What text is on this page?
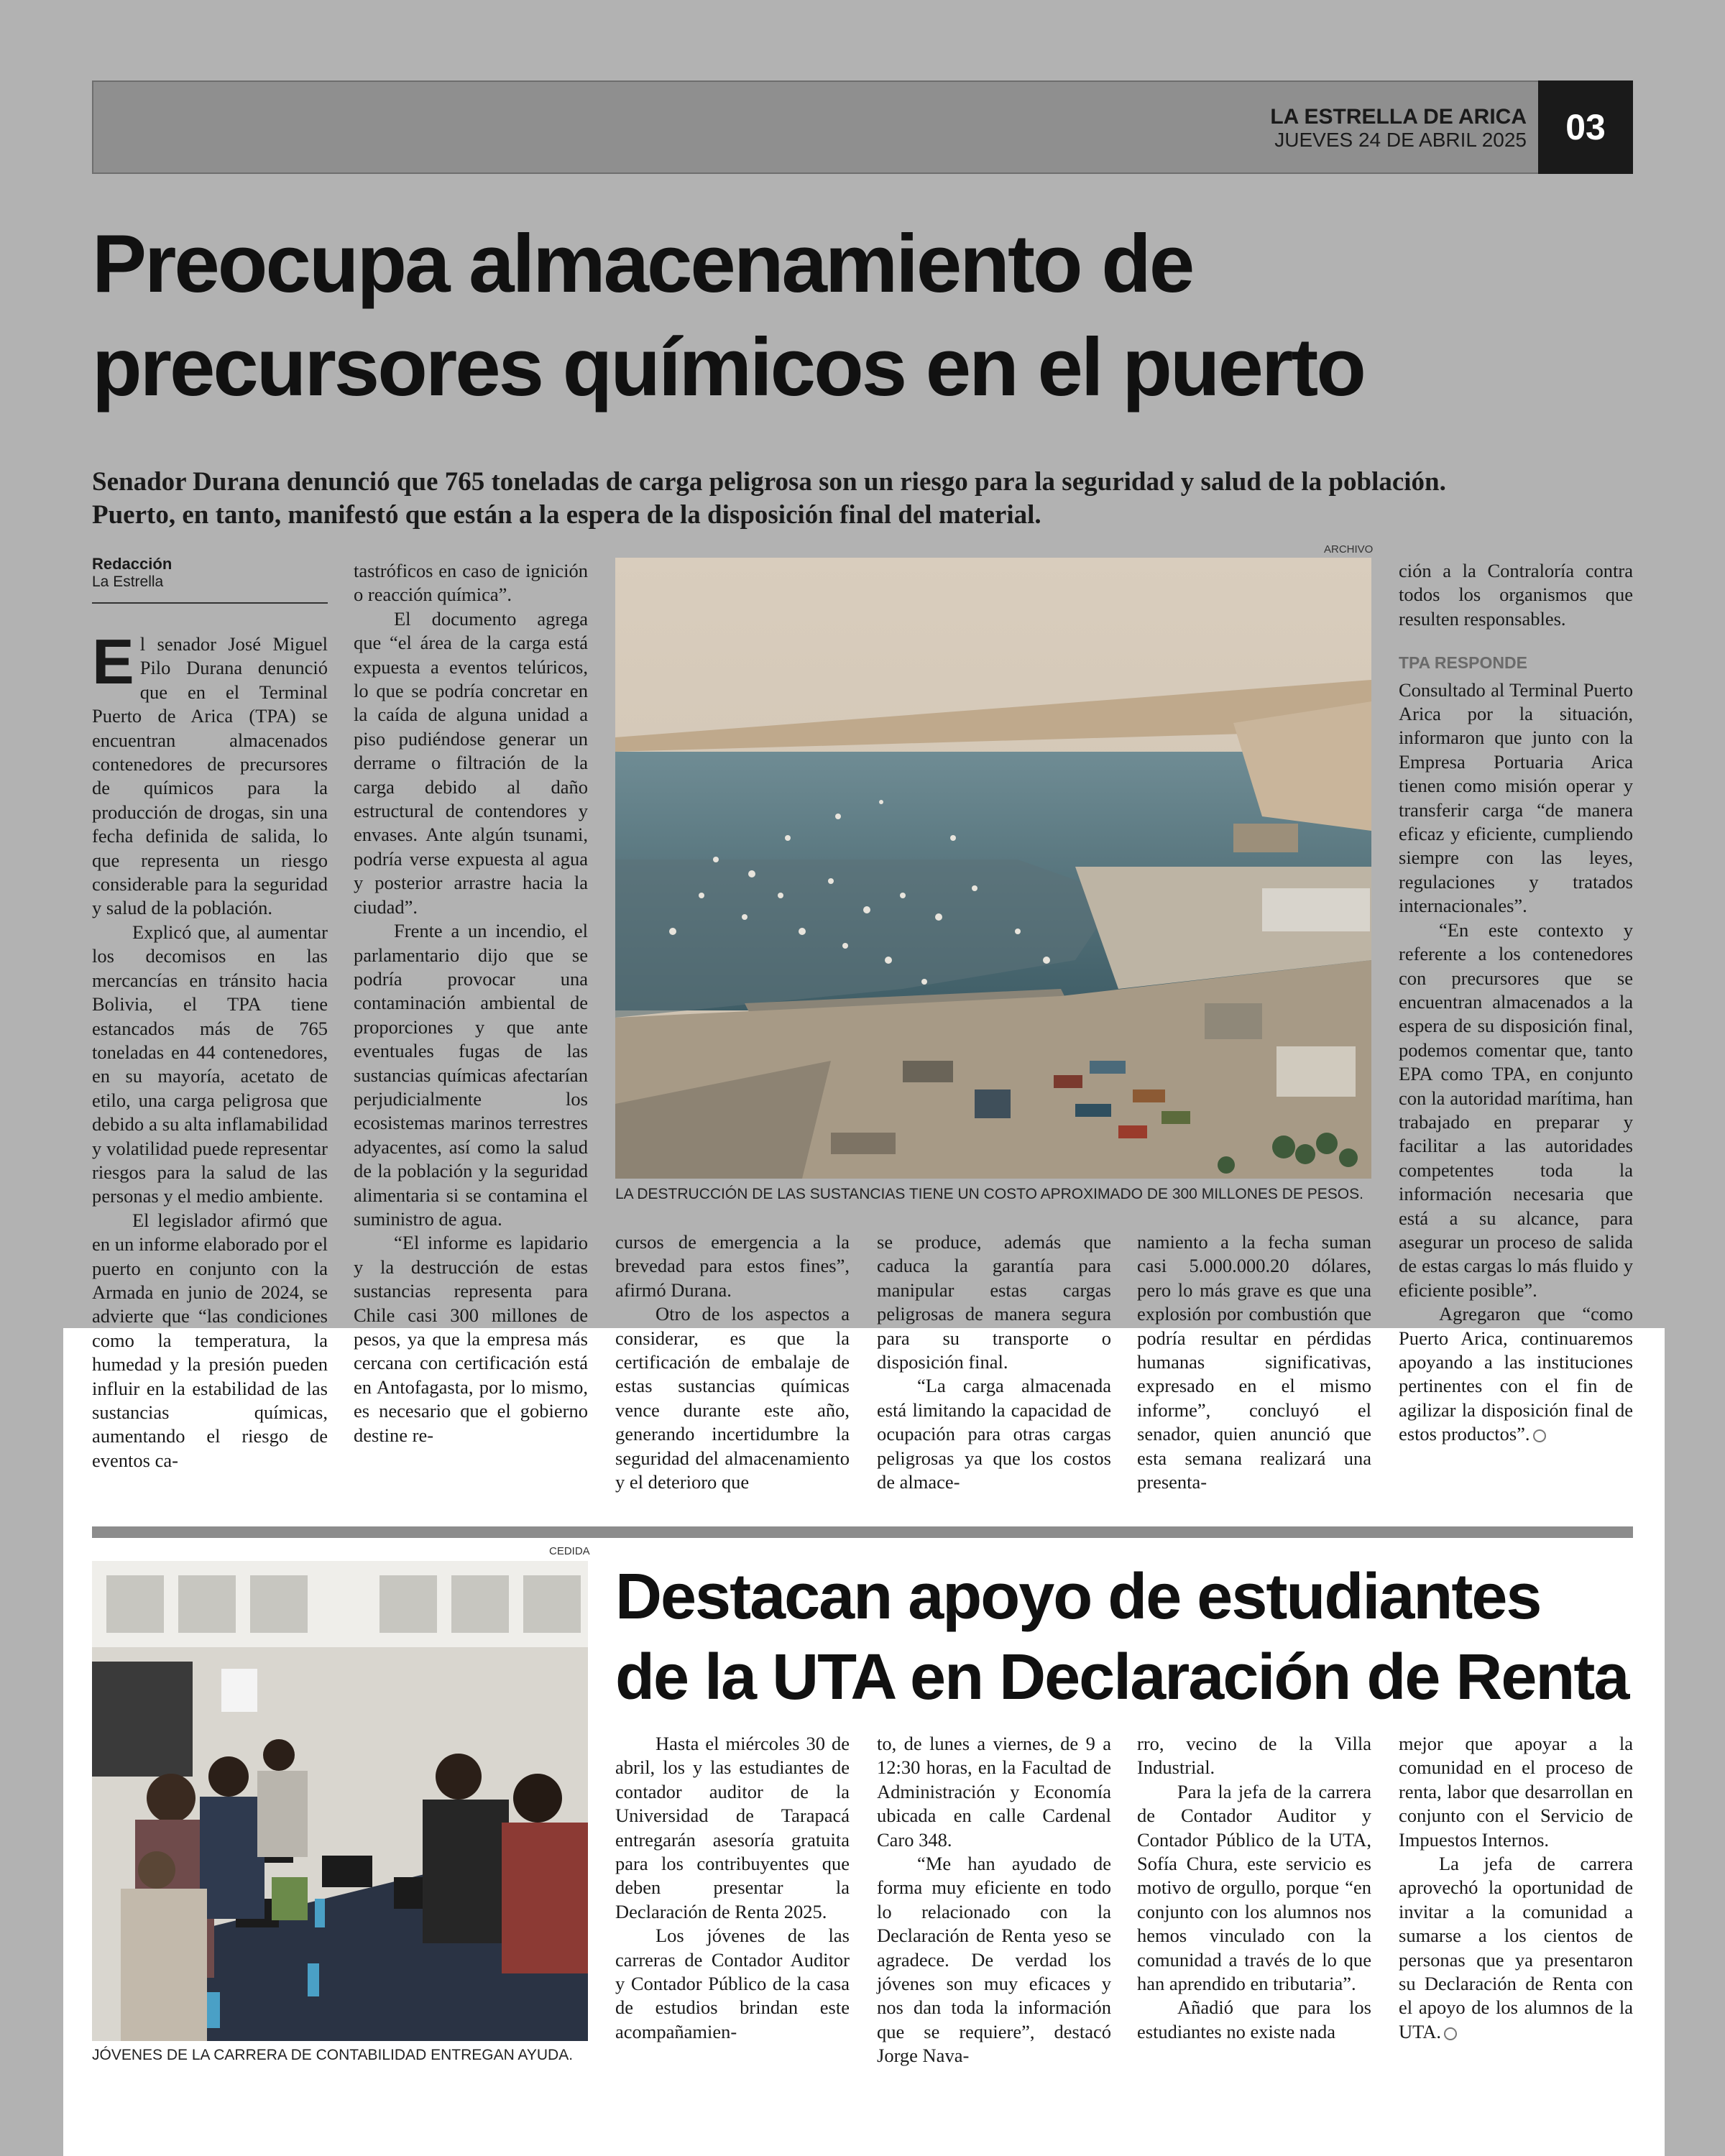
LA ESTRELLA DE ARICA
JUEVES 24 DE ABRIL 2025	03
Preocupa almacenamiento de
precursores químicos en el puerto
Senador Durana denunció que 765 toneladas de carga peligrosa son un riesgo para la seguridad y salud de la población.
Puerto, en tanto, manifestó que están a la espera de la disposición final del material.
Redacción
La Estrella

El senador José Miguel Pilo Durana denunció que en el Terminal Puerto de Arica (TPA) se encuentran almacenados contenedores de precursores de químicos para la producción de drogas, sin una fecha definida de salida, lo que representa un riesgo considerable para la seguridad y salud de la población.

Explicó que, al aumentar los decomisos en las mercancías en tránsito hacia Bolivia, el TPA tiene estancados más de 765 toneladas en 44 contenedores, en su mayoría, acetato de etilo, una carga peligrosa que debido a su alta inflamabilidad y volatilidad puede representar riesgos para la salud de las personas y el medio ambiente.

El legislador afirmó que en un informe elaborado por el puerto en conjunto con la Armada en junio de 2024, se advierte que “las condiciones como la temperatura, la humedad y la presión pueden influir en la estabilidad de las sustancias químicas, aumentando el riesgo de eventos ca-

tastróficos en caso de ignición o reacción química”.

El documento agrega que “el área de la carga está expuesta a eventos telúricos, lo que se podría concretar en la caída de alguna unidad a piso pudiéndose generar un derrame o filtración de la carga debido al daño estructural de contendores y envases. Ante algún tsunami, podría verse expuesta al agua y posterior arrastre hacia la ciudad”.

Frente a un incendio, el parlamentario dijo que se podría provocar una contaminación ambiental de proporciones y que ante eventuales fugas de las sustancias químicas afectarían perjudicialmente los ecosistemas marinos terrestres adyacentes, así como la salud de la población y la seguridad alimentaria si se contamina el suministro de agua.

“El informe es lapidario y la destrucción de estas sustancias representa para Chile casi 300 millones de pesos, ya que la empresa más cercana con certificación está en Antofagasta, por lo mismo, es necesario que el gobierno destine re-

ARCHIVO
LA DESTRUCCIÓN DE LAS SUSTANCIAS TIENE UN COSTO APROXIMADO DE 300 MILLONES DE PESOS.

cursos de emergencia a la brevedad para estos fines”, afirmó Durana.

Otro de los aspectos a considerar, es que la certificación de embalaje de estas sustancias químicas vence durante este año, generando incertidumbre la seguridad del almacenamiento y el deterioro que

se produce, además que caduca la garantía para manipular estas cargas peligrosas de manera segura para su transporte o disposición final.

“La carga almacenada está limitando la capacidad de ocupación para otras cargas peligrosas ya que los costos de almace-

namiento a la fecha suman casi 5.000.000.20 dólares, pero lo más grave es que una explosión por combustión que podría resultar en pérdidas humanas significativas, expresado en el mismo informe”, concluyó el senador, quien anunció que esta semana realizará una presenta-

ción a la Contraloría contra todos los organismos que resulten responsables.

TPA RESPONDE

Consultado al Terminal Puerto Arica por la situación, informaron que junto con la Empresa Portuaria Arica tienen como misión operar y transferir carga “de manera eficaz y eficiente, cumpliendo siempre con las leyes, regulaciones y tratados internacionales”.

“En este contexto y referente a los contenedores con precursores que se encuentran almacenados a la espera de su disposición final, podemos comentar que, tanto EPA como TPA, en conjunto con la autoridad marítima, han trabajado en preparar y facilitar a las autoridades competentes toda la información necesaria que está a su alcance, para asegurar un proceso de salida de estas cargas lo más fluido y eficiente posible”.

Agregaron que “como Puerto Arica, continuaremos apoyando a las instituciones pertinentes con el fin de agilizar la disposición final de estos productos”.

CEDIDA
JÓVENES DE LA CARRERA DE CONTABILIDAD ENTREGAN AYUDA.
Destacan apoyo de estudiantes
de la UTA en Declaración de Renta

Hasta el miércoles 30 de abril, los y las estudiantes de contador auditor de la Universidad de Tarapacá entregarán asesoría gratuita para los contribuyentes que deben presentar la Declaración de Renta 2025.

Los jóvenes de las carreras de Contador Auditor y Contador Público de la casa de estudios brindan este acompañamien-

to, de lunes a viernes, de 9 a 12:30 horas, en la Facultad de Administración y Economía ubicada en calle Cardenal Caro 348.

“Me han ayudado de forma muy eficiente en todo lo relacionado con la Declaración de Renta yeso se agradece. De verdad los jóvenes son muy eficaces y nos dan toda la información que se requiere”, destacó Jorge Nava-

rro, vecino de la Villa Industrial.

Para la jefa de la carrera de Contador Auditor y Contador Público de la UTA, Sofía Chura, este servicio es motivo de orgullo, porque “en conjunto con los alumnos nos hemos vinculado con la comunidad a través de lo que han aprendido en tributaria”.

Añadió que para los estudiantes no existe nada

mejor que apoyar a la comunidad en el proceso de renta, labor que desarrollan en conjunto con el Servicio de Impuestos Internos.

La jefa de carrera aprovechó la oportunidad de invitar a la comunidad a sumarse a los cientos de personas que ya presentaron su Declaración de Renta con el apoyo de los alumnos de la UTA.
